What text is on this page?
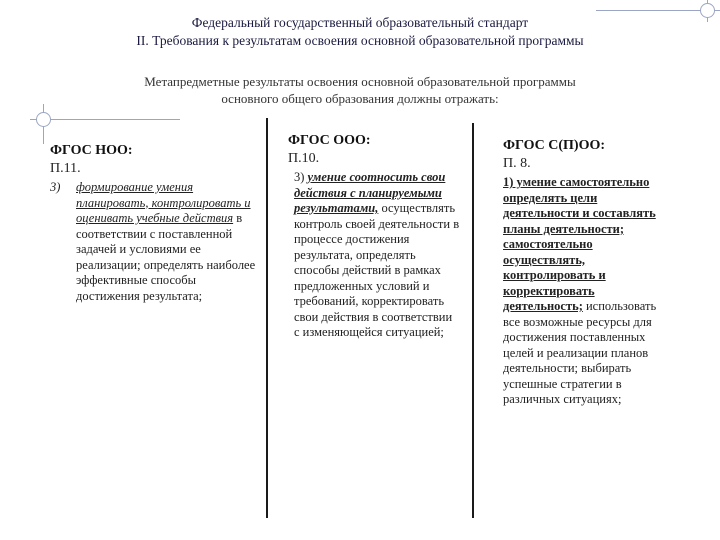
Федеральный государственный образовательный стандарт
II. Требования к результатам освоения основной образовательной программы
Метапредметные результаты освоения основной образовательной программы
основного общего образования должны отражать:

ФГОС НОО:

П.11.

3)	формирование умения планировать, контролировать и оценивать учебные действия в соответствии с поставленной задачей и условиями ее реализации; определять наиболее эффективные способы достижения результата;

ФГОС ООО:

П.10.

3) умение соотносить свои действия с планируемыми результатами, осуществлять контроль своей деятельности в процессе достижения результата, определять способы действий в рамках предложенных условий и требований, корректировать свои действия в соответствии с изменяющейся ситуацией;

ФГОС С(П)ОО:

П. 8.

1) умение самостоятельно определять цели деятельности и составлять планы деятельности; самостоятельно осуществлять, контролировать и корректировать деятельность; использовать все возможные ресурсы для достижения поставленных целей и реализации планов деятельности; выбирать успешные стратегии в различных ситуациях;
